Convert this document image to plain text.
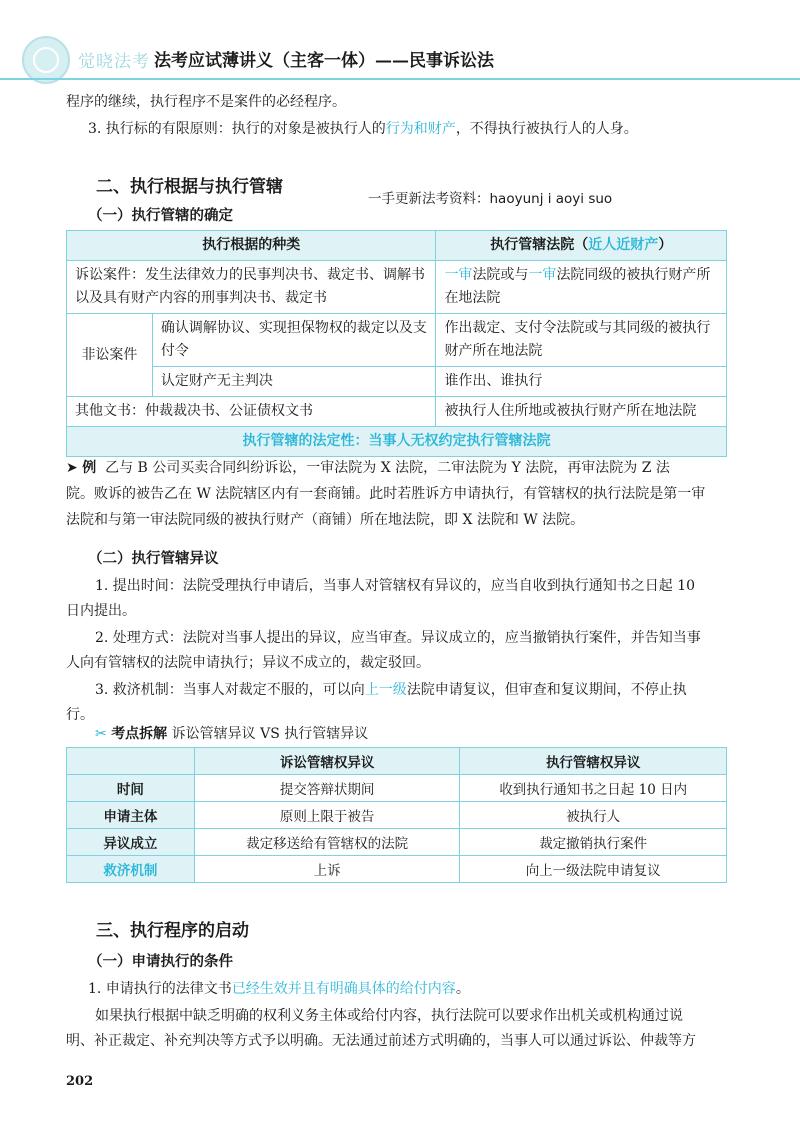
觉晓法考 法考应试薄讲义（主客一体）——民事诉讼法

程序的继续，执行程序不是案件的必经程序。

3. 执行标的有限原则：执行的对象是被执行人的行为和财产，不得执行被执行人的人身。

二、执行根据与执行管辖
一手更新法考资料：haoyunj i aoyi suo
（一）执行管辖的确定
执行根据的种类		执行管辖法院（近人近财产）
诉讼案件：发生法律效力的民事判决书、裁定书、调解书以及具有财产内容的刑事判决书、裁定书		一审法院或与一审法院同级的被执行财产所在地法院
非讼案件	确认调解协议、实现担保物权的裁定以及支付令	作出裁定、支付令法院或与其同级的被执行财产所在地法院
	认定财产无主判决	谁作出、谁执行
其他文书：仲裁裁决书、公证债权文书		被执行人住所地或被执行财产所在地法院
执行管辖的法定性：当事人无权约定执行管辖法院		

➤ 例 乙与 B 公司买卖合同纠纷诉讼，一审法院为 X 法院，二审法院为 Y 法院，再审法院为 Z 法

院。败诉的被告乙在 W 法院辖区内有一套商铺。此时若胜诉方申请执行，有管辖权的执行法院是第一审

法院和与第一审法院同级的被执行财产（商铺）所在地法院，即 X 法院和 W 法院。

（二）执行管辖异议

1. 提出时间：法院受理执行申请后，当事人对管辖权有异议的，应当自收到执行通知书之日起 10

日内提出。

2. 处理方式：法院对当事人提出的异议，应当审查。异议成立的，应当撤销执行案件，并告知当事

人向有管辖权的法院申请执行；异议不成立的，裁定驳回。

3. 救济机制：当事人对裁定不服的，可以向上一级法院申请复议，但审查和复议期间，不停止执

行。

✂ 考点拆解 诉讼管辖异议 VS 执行管辖异议

	诉讼管辖权异议	执行管辖权异议
时间	提交答辩状期间	收到执行通知书之日起 10 日内
申请主体	原则上限于被告	被执行人
异议成立	裁定移送给有管辖权的法院	裁定撤销执行案件
救济机制	上诉	向上一级法院申请复议
三、执行程序的启动
（一）申请执行的条件

1. 申请执行的法律文书已经生效并且有明确具体的给付内容。

如果执行根据中缺乏明确的权利义务主体或给付内容，执行法院可以要求作出机关或机构通过说

明、补正裁定、补充判决等方式予以明确。无法通过前述方式明确的，当事人可以通过诉讼、仲裁等方

202
